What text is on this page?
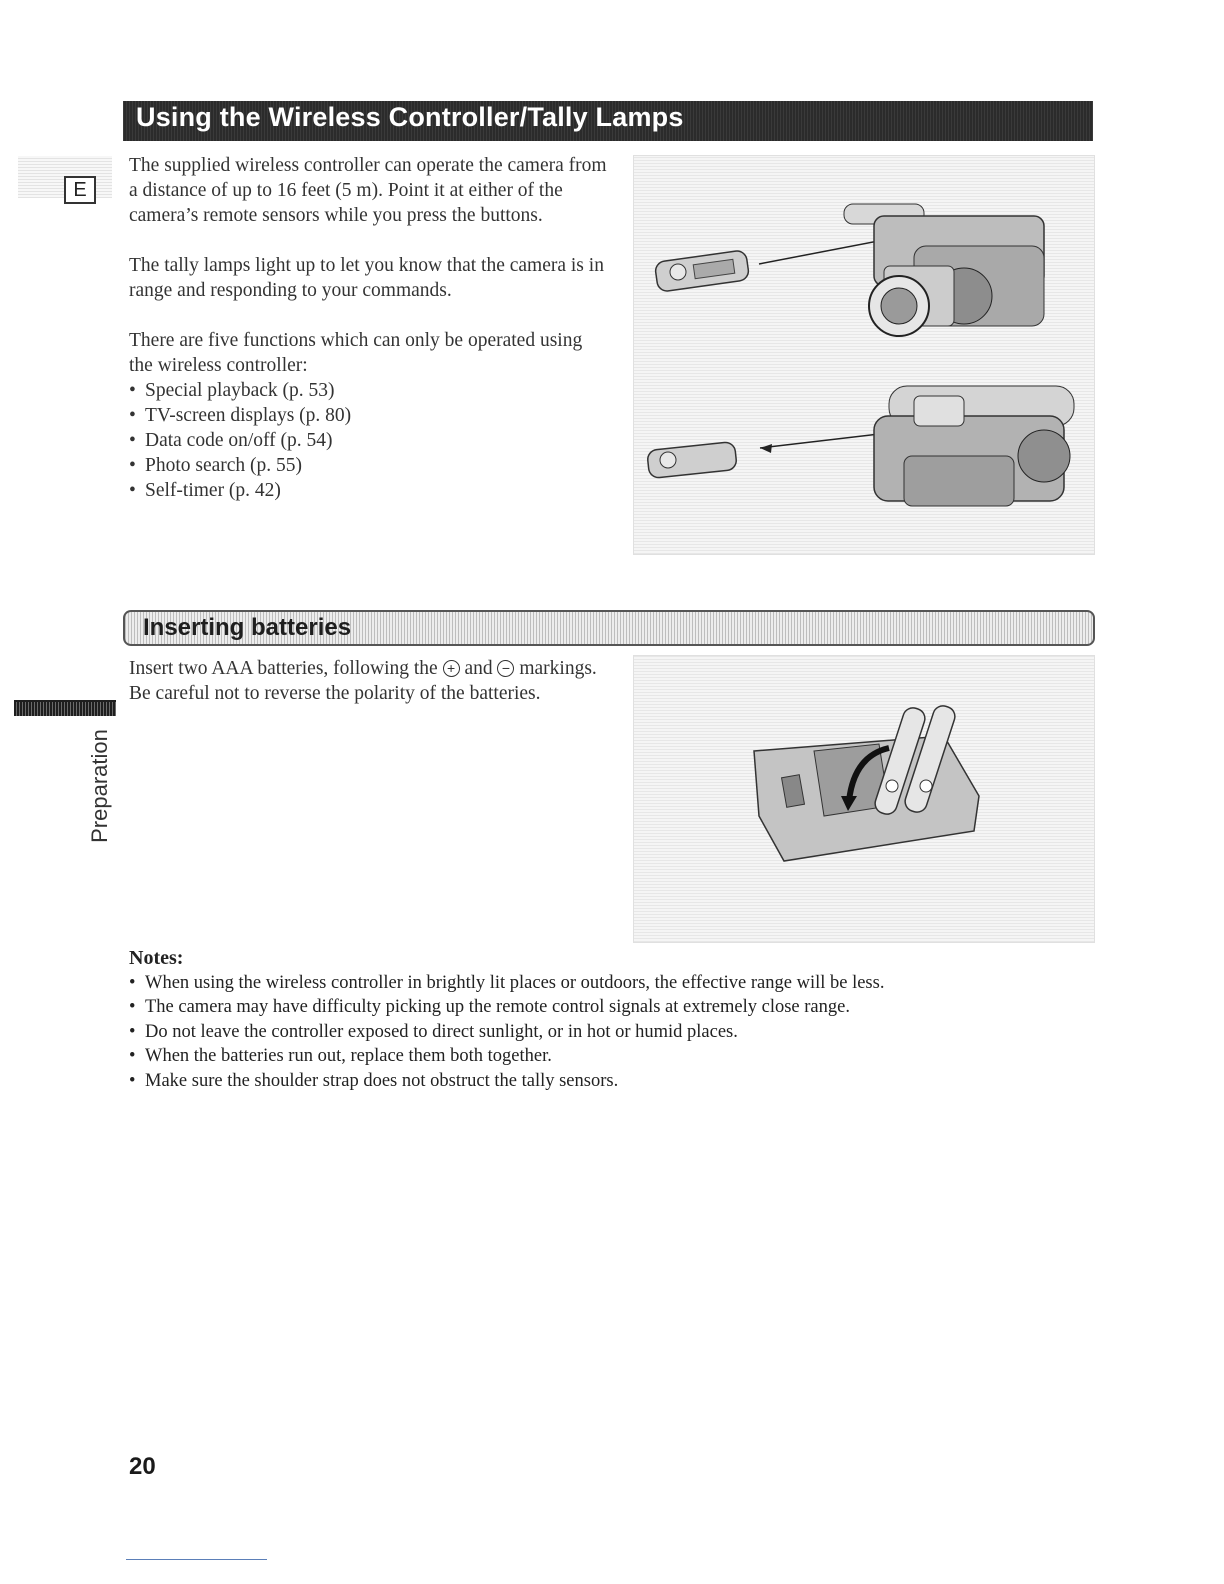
Using the Wireless Controller/Tally Lamps
E

The supplied wireless controller can operate the camera from a distance of up to 16 feet (5 m). Point it at either of the camera’s remote sensors while you press the buttons.

The tally lamps light up to let you know that the camera is in range and responding to your commands.

There are five functions which can only be operated using the wireless controller:

• Special playback (p. 53)
• TV-screen displays (p. 80)
• Data code on/off (p. 54)
• Photo search (p. 55)
• Self-timer (p. 42)
Inserting batteries

Insert two AAA batteries, following the + and − markings. Be careful not to reverse the polarity of the batteries.

Preparation
Notes:
• When using the wireless controller in brightly lit places or outdoors, the effective range will be less.
• The camera may have difficulty picking up the remote control signals at extremely close range.
• Do not leave the controller exposed to direct sunlight, or in hot or humid places.
• When the batteries run out, replace them both together.
• Make sure the shoulder strap does not obstruct the tally sensors.
20
